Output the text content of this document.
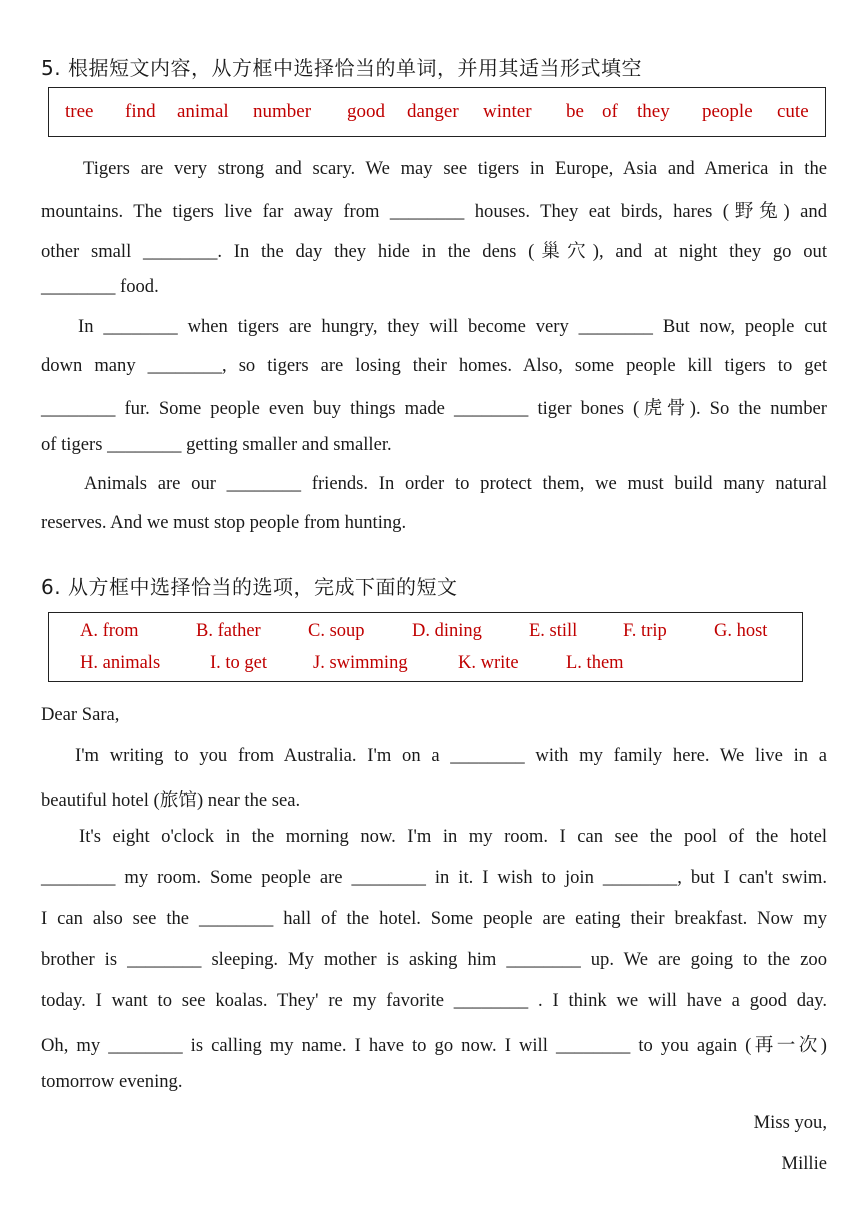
5. 根据短文内容，从方框中选择恰当的单词，并用其适当形式填空
tree find animal number good danger winter be of they people cute
Tigers are very strong and scary. We may see tigers in Europe, Asia and America in the
mountains. The tigers live far away from ________ houses. They eat birds, hares (野兔) and
other small ________. In the day they hide in the dens (巢穴), and at night they go out
________ food.
In ________ when tigers are hungry, they will become very ________ But now, people cut
down many ________, so tigers are losing their homes. Also, some people kill tigers to get
________ fur. Some people even buy things made ________ tiger bones (虎骨). So the number
of tigers ________ getting smaller and smaller.
Animals are our ________ friends. In order to protect them, we must build many natural
reserves. And we must stop people from hunting.
6. 从方框中选择恰当的选项，完成下面的短文
A. from	B. father	C. soup	D. dining	E. still F. trip	G. host
H. animals	I. to get J. swimming	K. write	L. them
Dear Sara,
I'm writing to you from Australia. I'm on a ________ with my family here. We live in a
beautiful hotel (旅馆) near the sea.
It's eight o'clock in the morning now. I'm in my room. I can see the pool of the hotel
________ my room. Some people are ________ in it. I wish to join ________, but I can't swim.
I can also see the ________ hall of the hotel. Some people are eating their breakfast. Now my
brother is ________ sleeping. My mother is asking him ________ up. We are going to the zoo
today. I want to see koalas. They' re my favorite ________ . I think we will have a good day.
Oh, my ________ is calling my name. I have to go now. I will ________ to you again (再一次)
tomorrow evening.
Miss you,
Millie
